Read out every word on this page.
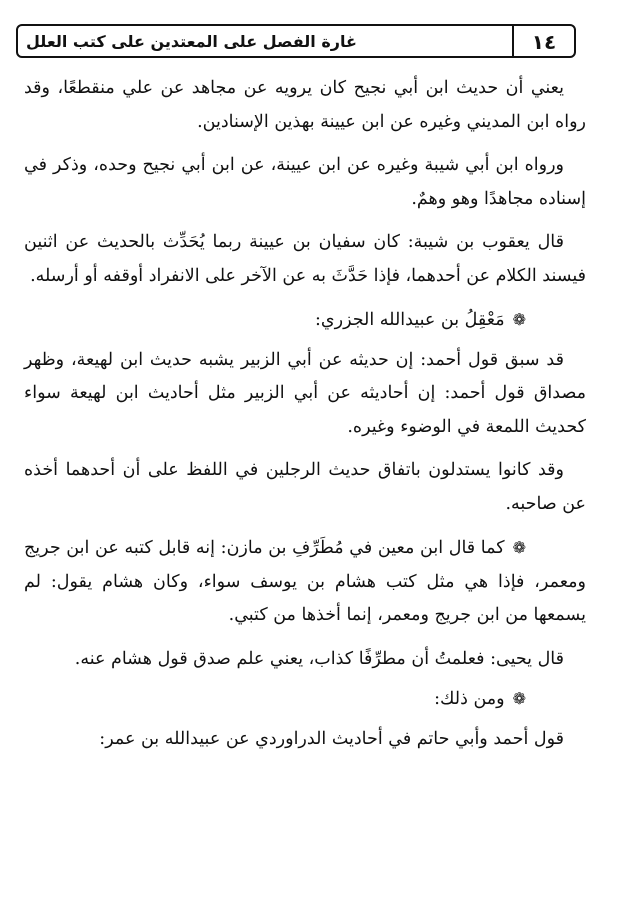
١٤
غارة الفصل على المعتدين على كتب العلل

يعني أن حديث ابن أبي نجيح كان يرويه عن مجاهد عن علي منقطعًا، وقد رواه ابن المديني وغيره عن ابن عيينة بهذين الإسنادين.

ورواه ابن أبي شيبة وغيره عن ابن عيينة، عن ابن أبي نجيح وحده، وذكر في إسناده مجاهدًا وهو وهمٌ.

قال يعقوب بن شيبة: كان سفيان بن عيينة ربما يُحَدِّث بالحديث عن اثنين فيسند الكلام عن أحدهما، فإذا حَدَّثَ به عن الآخر على الانفراد أوقفه أو أرسله.

❁مَعْقِلُ بن عبيدالله الجزري:

قد سبق قول أحمد: إن حديثه عن أبي الزبير يشبه حديث ابن لهيعة، وظهر مصداق قول أحمد: إن أحاديثه عن أبي الزبير مثل أحاديث ابن لهيعة سواء كحديث اللمعة في الوضوء وغيره.

وقد كانوا يستدلون باتفاق حديث الرجلين في اللفظ على أن أحدهما أخذه عن صاحبه.

❁كما قال ابن معين في مُطَرِّفِ بن مازن: إنه قابل كتبه عن ابن جريج ومعمر، فإذا هي مثل كتب هشام بن يوسف سواء، وكان هشام يقول: لم يسمعها من ابن جريج ومعمر، إنما أخذها من كتبي.

قال يحيى: فعلمتُ أن مطرِّفًا كذاب، يعني علم صدق قول هشام عنه.

❁ومن ذلك:

قول أحمد وأبي حاتم في أحاديث الدراوردي عن عبيدالله بن عمر:
